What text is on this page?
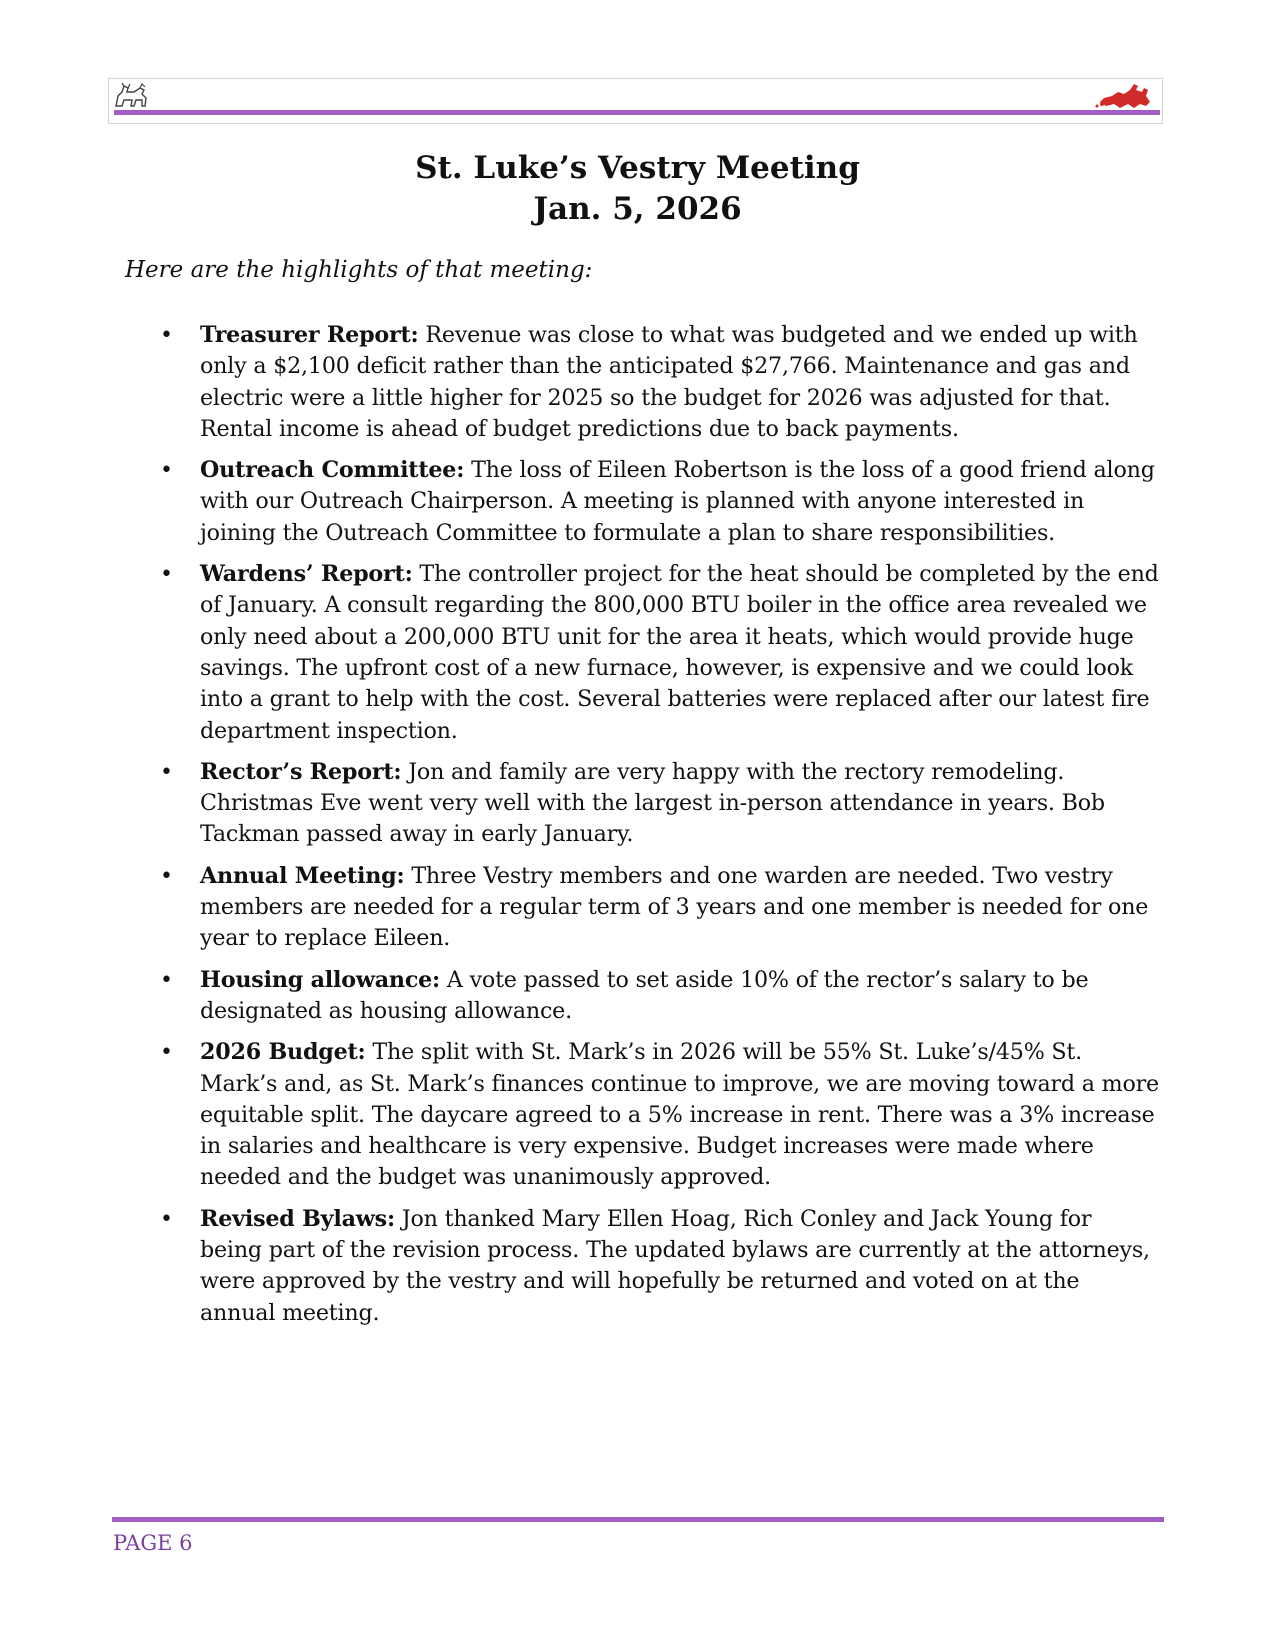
St. Luke’s Vestry Meeting
Jan. 5, 2026

Here are the highlights of that meeting:

• Treasurer Report: Revenue was close to what was budgeted and we ended up with only a $2,100 deficit rather than the anticipated $27,766. Maintenance and gas and electric were a little higher for 2025 so the budget for 2026 was adjusted for that. Rental income is ahead of budget predictions due to back payments.
• Outreach Committee: The loss of Eileen Robertson is the loss of a good friend along with our Outreach Chairperson. A meeting is planned with anyone interested in joining the Outreach Committee to formulate a plan to share responsibilities.
• Wardens’ Report: The controller project for the heat should be completed by the end of January. A consult regarding the 800,000 BTU boiler in the office area revealed we only need about a 200,000 BTU unit for the area it heats, which would provide huge savings. The upfront cost of a new furnace, however, is expensive and we could look into a grant to help with the cost. Several batteries were replaced after our latest fire department inspection.
• Rector’s Report: Jon and family are very happy with the rectory remodeling. Christmas Eve went very well with the largest in-person attendance in years. Bob Tackman passed away in early January.
• Annual Meeting: Three Vestry members and one warden are needed. Two vestry members are needed for a regular term of 3 years and one member is needed for one year to replace Eileen.
• Housing allowance: A vote passed to set aside 10% of the rector’s salary to be designated as housing allowance.
• 2026 Budget: The split with St. Mark’s in 2026 will be 55% St. Luke’s/45% St. Mark’s and, as St. Mark’s finances continue to improve, we are moving toward a more equitable split. The daycare agreed to a 5% increase in rent. There was a 3% increase in salaries and healthcare is very expensive. Budget increases were made where needed and the budget was unanimously approved.
• Revised Bylaws: Jon thanked Mary Ellen Hoag, Rich Conley and Jack Young for being part of the revision process. The updated bylaws are currently at the attorneys, were approved by the vestry and will hopefully be returned and voted on at the annual meeting.

PAGE 6
